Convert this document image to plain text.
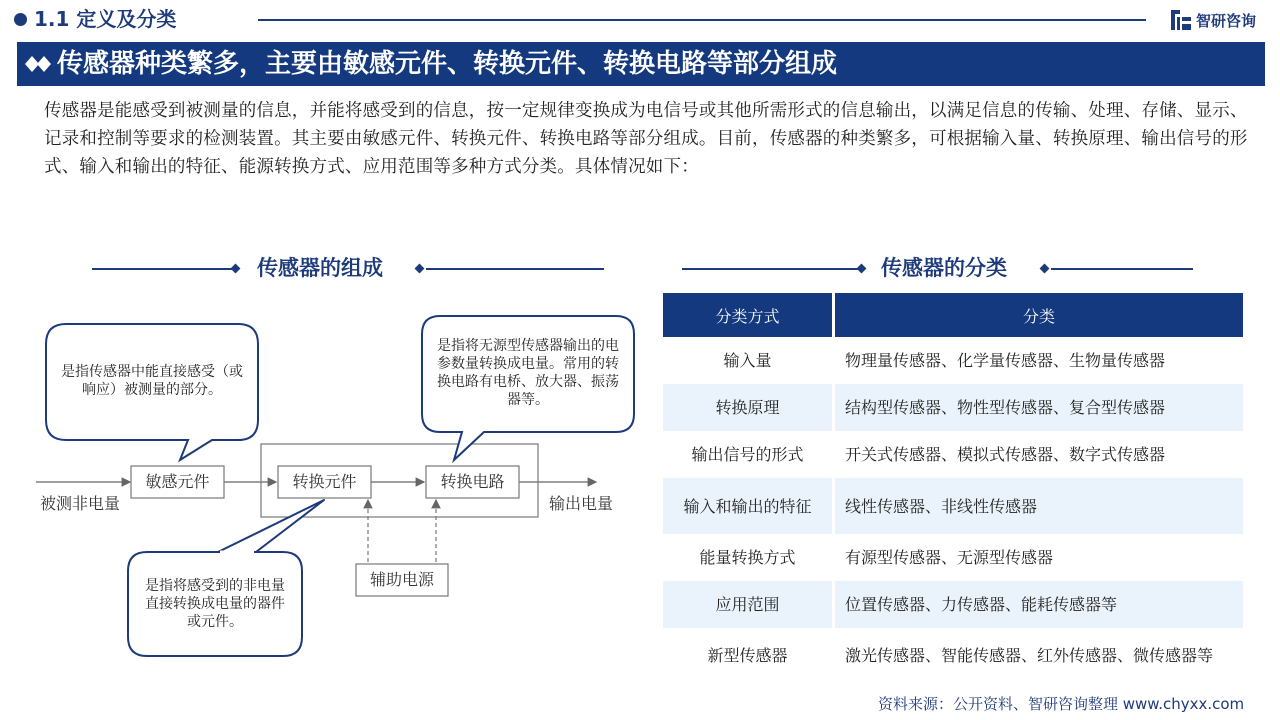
1.1 定义及分类	智研咨询
传感器种类繁多，主要由敏感元件、转换元件、转换电路等部分组成
传感器是能感受到被测量的信息，并能将感受到的信息，按一定规律变换成为电信号或其他所需形式的信息输出，以满足信息的传输、处理、存储、显示、记录和控制等要求的检测装置。其主要由敏感元件、转换元件、转换电路等部分组成。目前，传感器的种类繁多，可根据输入量、转换原理、输出信号的形式、输入和输出的特征、能源转换方式、应用范围等多种方式分类。具体情况如下：
传感器的组成	传感器的分类
敏感元件	转换元件	转换电路
辅助电源
被测非电量	输出电量
是指传感器中能直接感受（或响应）被测量的部分。
是指将感受到的非电量直接转换成电量的器件或元件。
是指将无源型传感器输出的电参数量转换成电量。常用的转换电路有电桥、放大器、振荡器等。
分类方式	分类
输入量	物理量传感器、化学量传感器、生物量传感器
转换原理	结构型传感器、物性型传感器、复合型传感器
输出信号的形式	开关式传感器、模拟式传感器、数字式传感器
输入和输出的特征	线性传感器、非线性传感器
能量转换方式	有源型传感器、无源型传感器
应用范围	位置传感器、力传感器、能耗传感器等
新型传感器	激光传感器、智能传感器、红外传感器、微传感器等
资料来源：公开资料、智研咨询整理 www.chyxx.com
